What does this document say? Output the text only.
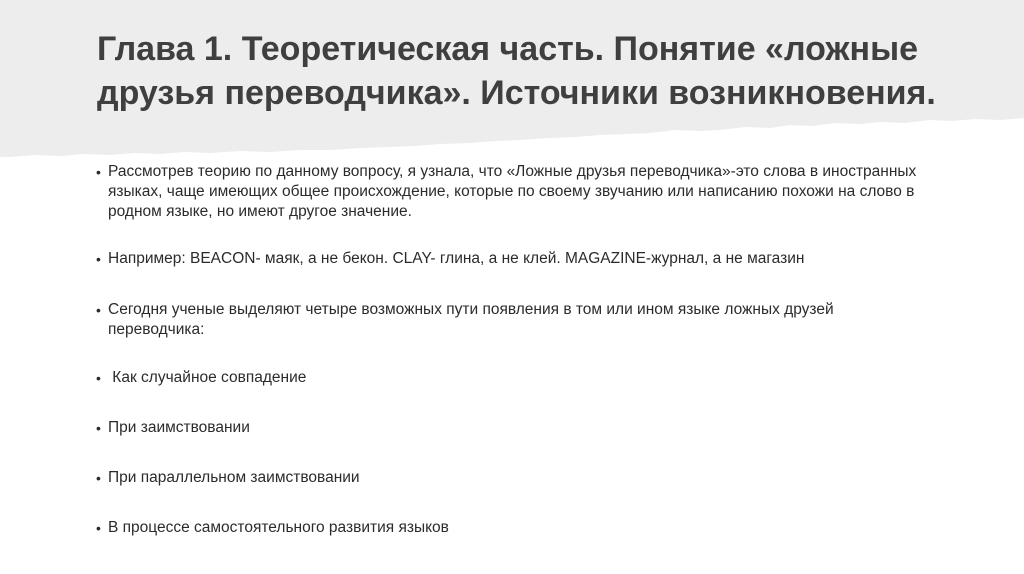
Глава 1. Теоретическая часть. Понятие «ложные друзья переводчика». Источники возникновения.
• Рассмотрев теорию по данному вопросу, я узнала, что «Ложные друзья переводчика»-это слова в иностранных языках, чаще имеющих общее происхождение, которые по своему звучанию или написанию похожи на слово в родном языке, но имеют другое значение.
• Например: BEACON- маяк, а не бекон. CLAY- глина, а не клей. MAGAZINE-журнал, а не магазин
• Сегодня ученые выделяют четыре возможных пути появления в том или ином языке ложных друзей переводчика:
• Как случайное совпадение
• При заимствовании
• При параллельном заимствовании
• В процессе самостоятельного развития языков
